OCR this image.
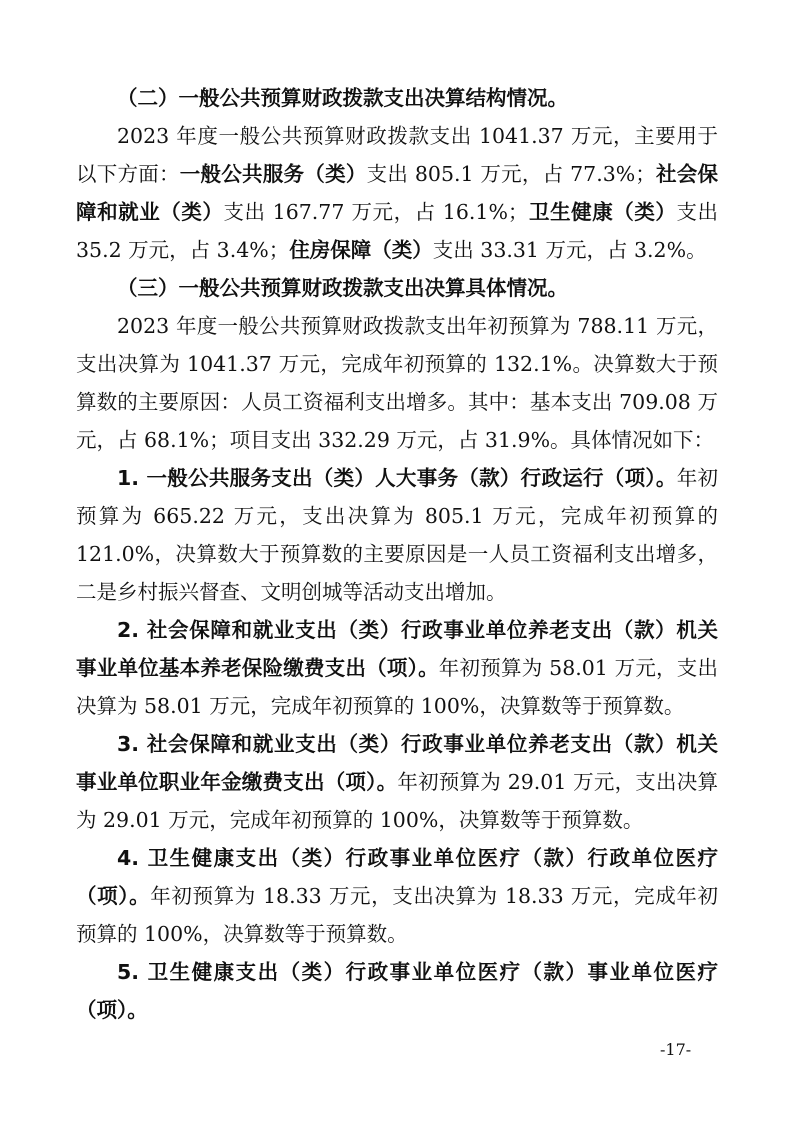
（二）一般公共预算财政拨款支出决算结构情况。

2023 年度一般公共预算财政拨款支出 1041.37 万元，主要用于以下方面：一般公共服务（类）支出 805.1 万元，占 77.3%；社会保障和就业（类）支出 167.77 万元，占 16.1%；卫生健康（类）支出 35.2 万元，占 3.4%；住房保障（类）支出 33.31 万元，占 3.2%。

（三）一般公共预算财政拨款支出决算具体情况。

2023 年度一般公共预算财政拨款支出年初预算为 788.11 万元，支出决算为 1041.37 万元，完成年初预算的 132.1%。决算数大于预算数的主要原因：人员工资福利支出增多。其中：基本支出 709.08 万元，占 68.1%；项目支出 332.29 万元，占 31.9%。具体情况如下：

1. 一般公共服务支出（类）人大事务（款）行政运行（项）。年初预算为 665.22 万元，支出决算为 805.1 万元，完成年初预算的 121.0%，决算数大于预算数的主要原因是一人员工资福利支出增多，二是乡村振兴督查、文明创城等活动支出增加。

2. 社会保障和就业支出（类）行政事业单位养老支出（款）机关事业单位基本养老保险缴费支出（项）。年初预算为 58.01 万元，支出决算为 58.01 万元，完成年初预算的 100%，决算数等于预算数。

3. 社会保障和就业支出（类）行政事业单位养老支出（款）机关事业单位职业年金缴费支出（项）。年初预算为 29.01 万元，支出决算为 29.01 万元，完成年初预算的 100%，决算数等于预算数。

4. 卫生健康支出（类）行政事业单位医疗（款）行政单位医疗（项）。年初预算为 18.33 万元，支出决算为 18.33 万元，完成年初预算的 100%，决算数等于预算数。

5. 卫生健康支出（类）行政事业单位医疗（款）事业单位医疗（项）。

-17-
